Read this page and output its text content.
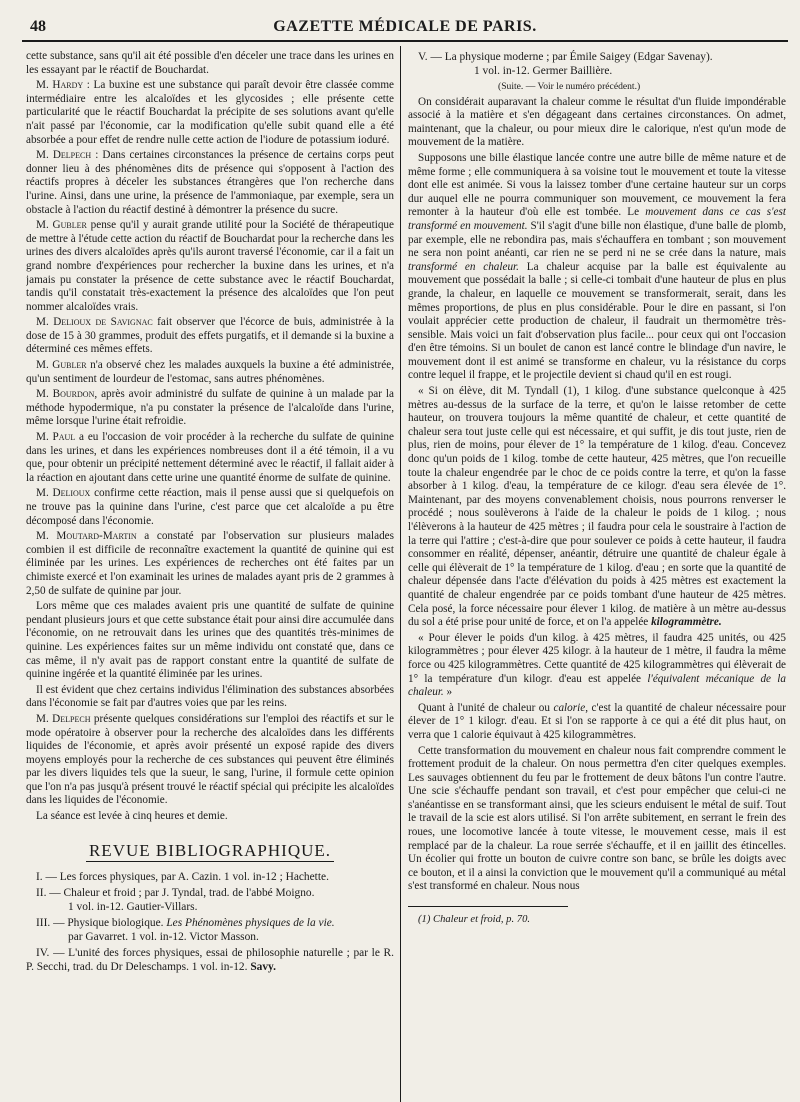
48	GAZETTE MÉDICALE DE PARIS.

cette substance, sans qu'il ait été possible d'en déceler une trace dans les urines en les essayant par le réactif de Bouchardat.

M. Hardy : La buxine est une substance qui paraît devoir être classée comme intermédiaire entre les alcaloïdes et les glycosides ; elle présente cette particularité que le réactif Bouchardat la précipite de ses solutions avant qu'elle n'ait passé par l'économie, car la modification qu'elle subit quand elle a été absorbée a pour effet de rendre nulle cette action de l'iodure de potassium ioduré.

M. Delpech : Dans certaines circonstances la présence de certains corps peut donner lieu à des phénomènes dits de présence qui s'opposent à l'action des réactifs propres à déceler les substances étrangères que l'on recherche dans l'urine. Ainsi, dans une urine, la présence de l'ammoniaque, par exemple, sera un obstacle à l'action du réactif destiné à démontrer la présence du sucre.

M. Gubler pense qu'il y aurait grande utilité pour la Société de thérapeutique de mettre à l'étude cette action du réactif de Bouchardat pour la recherche dans les urines des divers alcaloïdes après qu'ils auront traversé l'économie, car il a fait un grand nombre d'expériences pour rechercher la buxine dans les urines, et n'a jamais pu constater la présence de cette substance avec le réactif Bouchardat, tandis qu'il constatait très-exactement la présence des alcaloïdes que l'on peut nommer alcaloïdes vrais.

M. Delioux de Savignac fait observer que l'écorce de buis, administrée à la dose de 15 à 30 grammes, produit des effets purgatifs, et il demande si la buxine a déterminé ces mêmes effets.

M. Gubler n'a observé chez les malades auxquels la buxine a été administrée, qu'un sentiment de lourdeur de l'estomac, sans autres phénomènes.

M. Bourdon, après avoir administré du sulfate de quinine à un malade par la méthode hypodermique, n'a pu constater la présence de l'alcaloïde dans l'urine, même lorsque l'urine était refroidie.

M. Paul a eu l'occasion de voir procéder à la recherche du sulfate de quinine dans les urines, et dans les expériences nombreuses dont il a été témoin, il a vu que, pour obtenir un précipité nettement déterminé avec le réactif, il fallait aider à la réaction en ajoutant dans cette urine une quantité énorme de sulfate de quinine.

M. Delioux confirme cette réaction, mais il pense aussi que si quelquefois on ne trouve pas la quinine dans l'urine, c'est parce que cet alcaloïde a pu être décomposé dans l'économie.

M. Moutard-Martin a constaté par l'observation sur plusieurs malades combien il est difficile de reconnaître exactement la quantité de quinine qui est éliminée par les urines. Les expériences de recherches ont été faites par un chimiste exercé et l'on examinait les urines de malades ayant pris de 2 grammes à 2,50 de sulfate de quinine par jour.

Lors même que ces malades avaient pris une quantité de sulfate de quinine pendant plusieurs jours et que cette substance était pour ainsi dire accumulée dans l'économie, on ne retrouvait dans les urines que des quantités très-minimes de quinine. Les expériences faites sur un même individu ont constaté que, dans ce cas même, il n'y avait pas de rapport constant entre la quantité de sulfate de quinine ingérée et la quantité éliminée par les urines.

Il est évident que chez certains individus l'élimination des substances absorbées dans l'économie se fait par d'autres voies que par les reins.

M. Delpech présente quelques considérations sur l'emploi des réactifs et sur le mode opératoire à observer pour la recherche des alcaloïdes dans les différents liquides de l'économie, et après avoir présenté un exposé rapide des divers moyens employés pour la recherche de ces substances qui peuvent être éliminés par les divers liquides tels que la sueur, le sang, l'urine, il formule cette opinion que l'on n'a pas jusqu'à présent trouvé le réactif spécial qui précipite les alcaloïdes dans les liquides de l'économie.

La séance est levée à cinq heures et demie.

REVUE BIBLIOGRAPHIQUE.

I. — Les forces physiques, par A. Cazin. 1 vol. in-12 ; Hachette.

II. — Chaleur et froid ; par J. Tyndal, trad. de l'abbé Moigno.
1 vol. in-12. Gautier-Villars.

III. — Physique biologique. Les Phénomènes physiques de la vie.
par Gavarret. 1 vol. in-12. Victor Masson.

IV. — L'unité des forces physiques, essai de philosophie naturelle ; par le R. P. Secchi, trad. du Dr Deleschamps. 1 vol. in-12. Savy.

V. — La physique moderne ; par Émile Saigey (Edgar Savenay).
1 vol. in-12. Germer Baillière.

(Suite. — Voir le numéro précédent.)

On considérait auparavant la chaleur comme le résultat d'un fluide impondérable associé à la matière et s'en dégageant dans certaines circonstances. On admet, maintenant, que la chaleur, ou pour mieux dire le calorique, n'est qu'un mode de mouvement de la matière.

Supposons une bille élastique lancée contre une autre bille de même nature et de même forme ; elle communiquera à sa voisine tout le mouvement et toute la vitesse dont elle est animée. Si vous la laissez tomber d'une certaine hauteur sur un corps dur auquel elle ne pourra communiquer son mouvement, ce mouvement la fera remonter à la hauteur d'où elle est tombée. Le mouvement dans ce cas s'est transformé en mouvement. S'il s'agit d'une bille non élastique, d'une balle de plomb, par exemple, elle ne rebondira pas, mais s'échauffera en tombant ; son mouvement ne sera non point anéanti, car rien ne se perd ni ne se crée dans la nature, mais transformé en chaleur. La chaleur acquise par la balle est équivalente au mouvement que possédait la balle ; si celle-ci tombait d'une hauteur de plus en plus grande, la chaleur, en laquelle ce mouvement se transformerait, serait, dans les mêmes proportions, de plus en plus considérable. Pour le dire en passant, si l'on voulait apprécier cette production de chaleur, il faudrait un thermomètre très-sensible. Mais voici un fait d'observation plus facile... pour ceux qui ont l'occasion d'en être témoins. Si un boulet de canon est lancé contre le blindage d'un navire, le mouvement dont il est animé se transforme en chaleur, vu la résistance du corps contre lequel il frappe, et le projectile devient si chaud qu'il en est rougi.

« Si on élève, dit M. Tyndall (1), 1 kilog. d'une substance quelconque à 425 mètres au-dessus de la surface de la terre, et qu'on le laisse retomber de cette hauteur, on trouvera toujours la même quantité de chaleur, et cette quantité de chaleur sera tout juste celle qui est nécessaire, et qui suffit, je dis tout juste, rien de plus, rien de moins, pour élever de 1° la température de 1 kilog. d'eau. Concevez donc qu'un poids de 1 kilog. tombe de cette hauteur, 425 mètres, que l'on recueille toute la chaleur engendrée par le choc de ce poids contre la terre, et qu'on la fasse absorber à 1 kilog. d'eau, la température de ce kilogr. d'eau sera élevée de 1°. Maintenant, par des moyens convenablement choisis, nous pourrons renverser le procédé ; nous soulèverons à l'aide de la chaleur le poids de 1 kilog. ; nous l'élèverons à la hauteur de 425 mètres ; il faudra pour cela le soustraire à l'action de la terre qui l'attire ; c'est-à-dire que pour soulever ce poids à cette hauteur, il faudra consommer en réalité, dépenser, anéantir, détruire une quantité de chaleur égale à celle qui élèverait de 1° la température de 1 kilog. d'eau ; en sorte que la quantité de chaleur dépensée dans l'acte d'élévation du poids à 425 mètres est exactement la quantité de chaleur engendrée par ce poids tombant d'une hauteur de 425 mètres. Cela posé, la force nécessaire pour élever 1 kilog. de matière à un mètre au-dessus du sol a été prise pour unité de force, et on l'a appelée kilogrammètre.

« Pour élever le poids d'un kilog. à 425 mètres, il faudra 425 unités, ou 425 kilogrammètres ; pour élever 425 kilogr. à la hauteur de 1 mètre, il faudra la même force ou 425 kilogrammètres. Cette quantité de 425 kilogrammètres qui élèverait de 1° la température d'un kilogr. d'eau est appelée l'équivalent mécanique de la chaleur. »

Quant à l'unité de chaleur ou calorie, c'est la quantité de chaleur nécessaire pour élever de 1° 1 kilogr. d'eau. Et si l'on se rapporte à ce qui a été dit plus haut, on verra que 1 calorie équivaut à 425 kilogrammètres.

Cette transformation du mouvement en chaleur nous fait comprendre comment le frottement produit de la chaleur. On nous permettra d'en citer quelques exemples. Les sauvages obtiennent du feu par le frottement de deux bâtons l'un contre l'autre. Une scie s'échauffe pendant son travail, et c'est pour empêcher que celui-ci ne s'anéantisse en se transformant ainsi, que les scieurs enduisent le métal de suif. Tout le travail de la scie est alors utilisé. Si l'on arrête subitement, en serrant le frein des roues, une locomotive lancée à toute vitesse, le mouvement cesse, mais il est remplacé par de la chaleur. La roue serrée s'échauffe, et il en jaillit des étincelles. Un écolier qui frotte un bouton de cuivre contre son banc, se brûle les doigts avec ce bouton, et il a ainsi la conviction que le mouvement qu'il a communiqué au métal s'est transformé en chaleur. Nous nous

(1) Chaleur et froid, p. 70.
